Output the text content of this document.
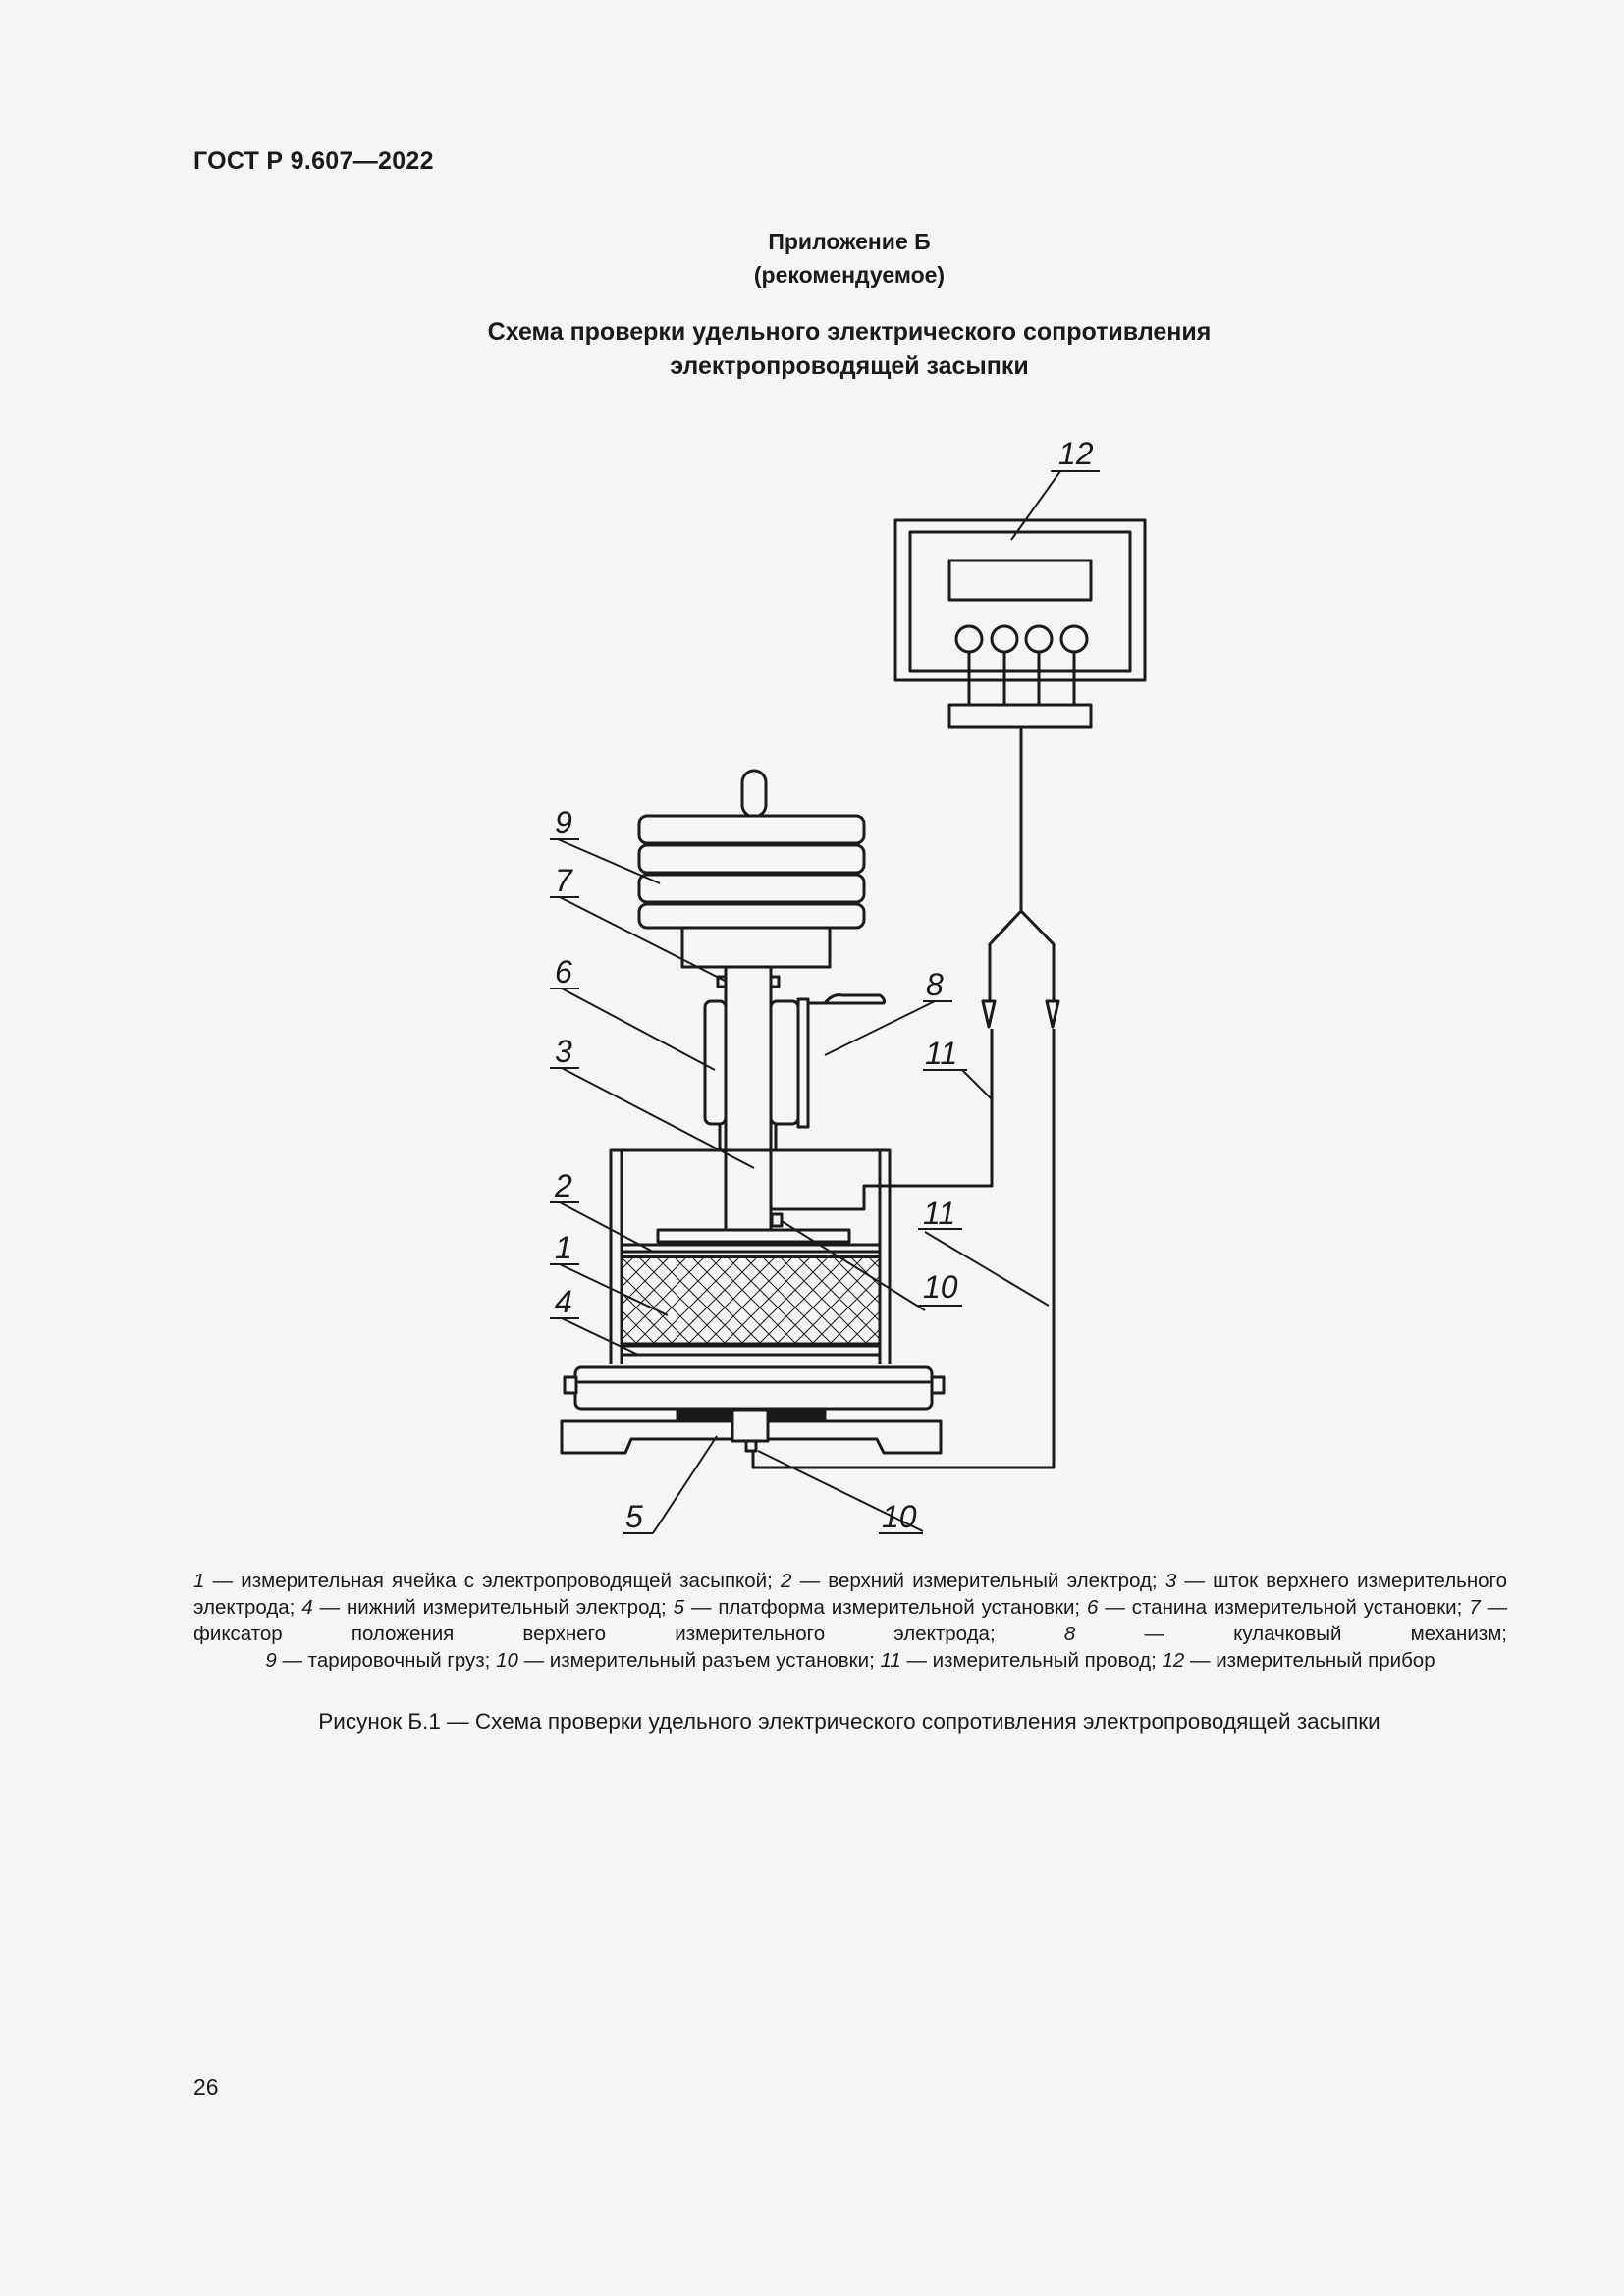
ГОСТ Р 9.607—2022
Приложение Б
(рекомендуемое)
Схема проверки удельного электрического сопротивления
электропроводящей засыпки
12
9
7
6	8
3	11
2
1
10
11
4
5	10
1 — измерительная ячейка с электропроводящей засыпкой; 2 — верхний измерительный электрод; 3 — шток верхнего измерительного электрода; 4 — нижний измерительный электрод; 5 — платформа измерительной установки; 6 — станина измерительной установки; 7 — фиксатор положения верхнего измерительного электрода;	8	— кулачковый механизм;
9 — тарировочный груз; 10 — измерительный разъем установки; 11 — измерительный провод; 12 — измерительный прибор
Рисунок Б.1 — Схема проверки удельного электрического сопротивления электропроводящей засыпки
26
